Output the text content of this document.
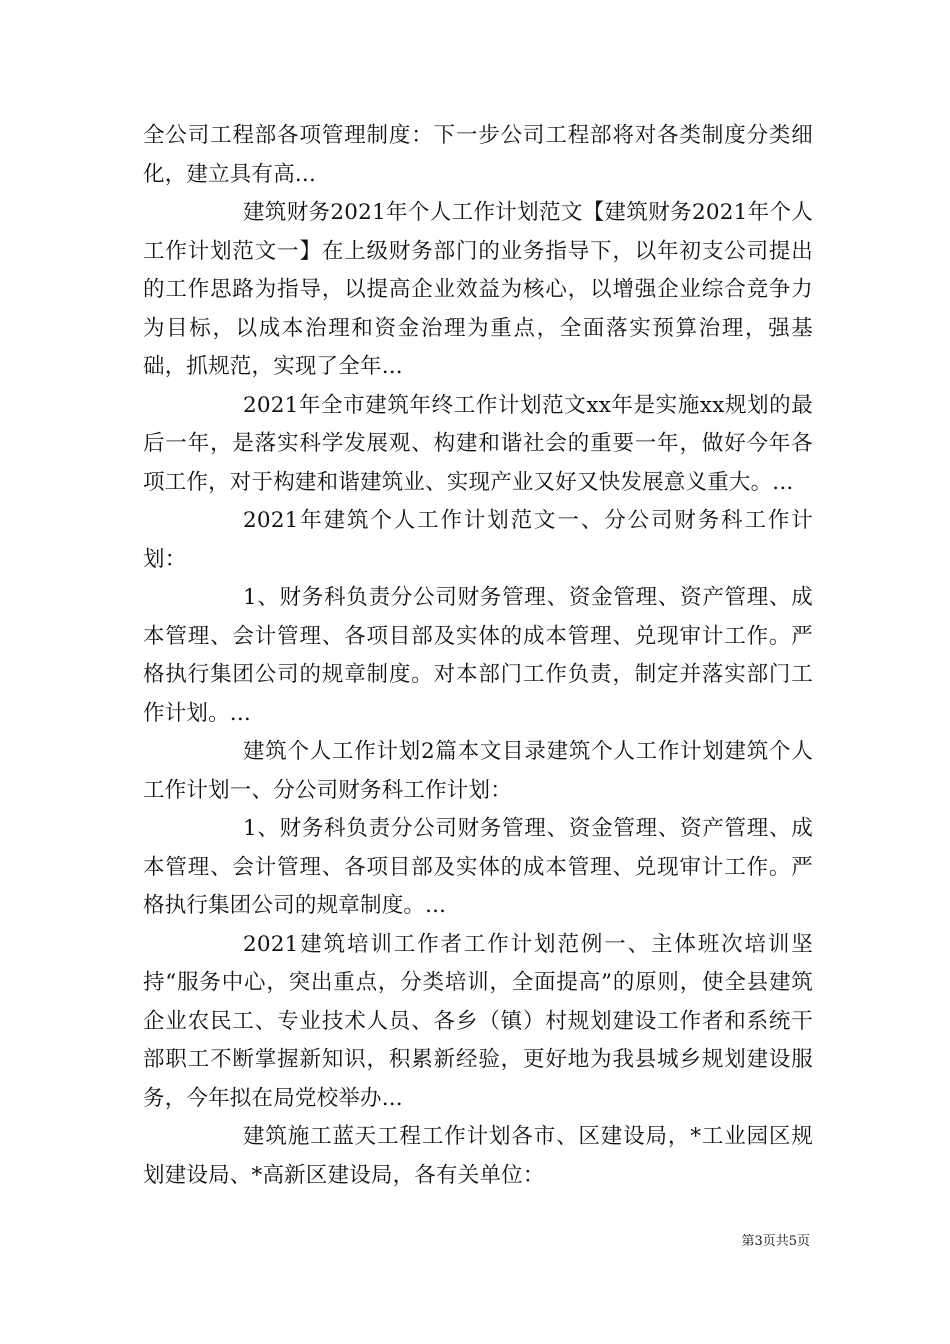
全公司工程部各项管理制度：下一步公司工程部将对各类制度分类细化，建立具有高...

建筑财务2021年个人工作计划范文【建筑财务2021年个人工作计划范文一】在上级财务部门的业务指导下，以年初支公司提出的工作思路为指导，以提高企业效益为核心，以增强企业综合竞争力为目标，以成本治理和资金治理为重点，全面落实预算治理，强基础，抓规范，实现了全年...

2021年全市建筑年终工作计划范文xx年是实施xx规划的最后一年，是落实科学发展观、构建和谐社会的重要一年，做好今年各项工作，对于构建和谐建筑业、实现产业又好又快发展意义重大。...

2021年建筑个人工作计划范文一、分公司财务科工作计划：

1、财务科负责分公司财务管理、资金管理、资产管理、成本管理、会计管理、各项目部及实体的成本管理、兑现审计工作。严格执行集团公司的规章制度。对本部门工作负责，制定并落实部门工作计划。...

建筑个人工作计划2篇本文目录建筑个人工作计划建筑个人工作计划一、分公司财务科工作计划：

1、财务科负责分公司财务管理、资金管理、资产管理、成本管理、会计管理、各项目部及实体的成本管理、兑现审计工作。严格执行集团公司的规章制度。...

2021建筑培训工作者工作计划范例一、主体班次培训坚持“服务中心，突出重点，分类培训，全面提高”的原则，使全县建筑企业农民工、专业技术人员、各乡（镇）村规划建设工作者和系统干部职工不断掌握新知识，积累新经验，更好地为我县城乡规划建设服务，今年拟在局党校举办...

建筑施工蓝天工程工作计划各市、区建设局，*工业园区规划建设局、*高新区建设局，各有关单位：

第3页共5页
